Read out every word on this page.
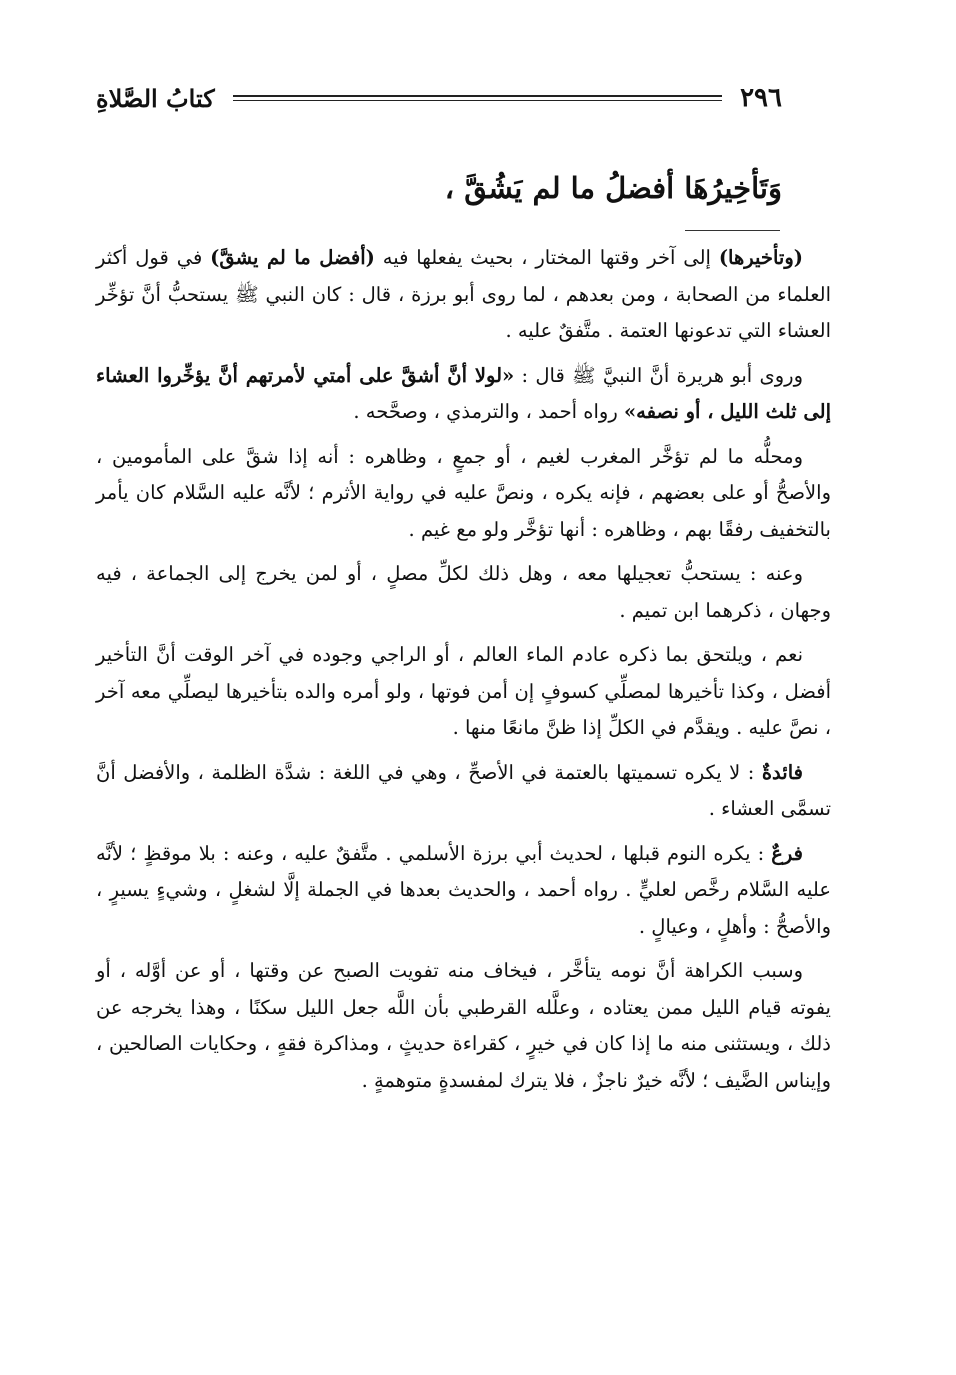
٢٩٦
كتابُ الصَّلاةِ
وَتَأخِيرُهَا أفضلُ ما لم يَشُقَّ ،

(وتأخيرها) إلى آخر وقتها المختار ، بحيث يفعلها فيه (أفضل ما لم يشقَّ) في قول أكثر العلماء من الصحابة ، ومن بعدهم ، لما روى أبو برزة ، قال : كان النبي ﷺ يستحبُّ أنَّ تؤخِّر العشاء التي تدعونها العتمة . متَّفقٌ عليه .

وروى أبو هريرة أنَّ النبيَّ ﷺ قال : «لولا أنَّ أشقَّ على أمتي لأمرتهم أنَّ يؤخِّروا العشاء إلى ثلث الليل ، أو نصفه» رواه أحمد ، والترمذي ، وصحَّحه .

ومحلُّه ما لم تؤخَّر المغرب لغيم ، أو جمعٍ ، وظاهره : أنه إذا شقَّ على المأمومين ، والأصحُّ أو على بعضهم ، فإنه يكره ، ونصَّ عليه في رواية الأثرم ؛ لأنَّه عليه السَّلام كان يأمر بالتخفيف رفقًا بهم ، وظاهره : أنها تؤخَّر ولو مع غيم .

وعنه : يستحبُّ تعجيلها معه ، وهل ذلك لكلِّ مصلٍ ، أو لمن يخرج إلى الجماعة ، فيه وجهان ، ذكرهما ابن تميم .

نعم ، ويلتحق بما ذكره عادم الماء العالم ، أو الراجي وجوده في آخر الوقت أنَّ التأخير أفضل ، وكذا تأخيرها لمصلِّي كسوفٍ إن أمن فوتها ، ولو أمره والده بتأخيرها ليصلِّي معه آخر ، نصَّ عليه . ويقدَّم في الكلِّ إذا ظنَّ مانعًا منها .

فائدةٌ : لا يكره تسميتها بالعتمة في الأصحِّ ، وهي في اللغة : شدَّة الظلمة ، والأفضل أنَّ تسمَّى العشاء .

فرعٌ : يكره النوم قبلها ، لحديث أبي برزة الأسلمي . متَّفقٌ عليه ، وعنه : بلا موقظٍ ؛ لأنَّه عليه السَّلام رخَّص لعليٍّ . رواه أحمد ، والحديث بعدها في الجملة إلَّا لشغلٍ ، وشيءٍ يسيرٍ ، والأصحُّ : وأهلٍ ، وعيالٍ .

وسبب الكراهة أنَّ نومه يتأخَّر ، فيخاف منه تفويت الصبح عن وقتها ، أو عن أوَّله ، أو يفوته قيام الليل ممن يعتاده ، وعلَّله القرطبي بأن اللَّه جعل الليل سكنًا ، وهذا يخرجه عن ذلك ، ويستثنى منه ما إذا كان في خيرٍ ، كقراءة حديثٍ ، ومذاكرة فقهٍ ، وحكايات الصالحين ، وإيناس الضَّيف ؛ لأنَّه خيرٌ ناجزٌ ، فلا يترك لمفسدةٍ متوهمةٍ .
